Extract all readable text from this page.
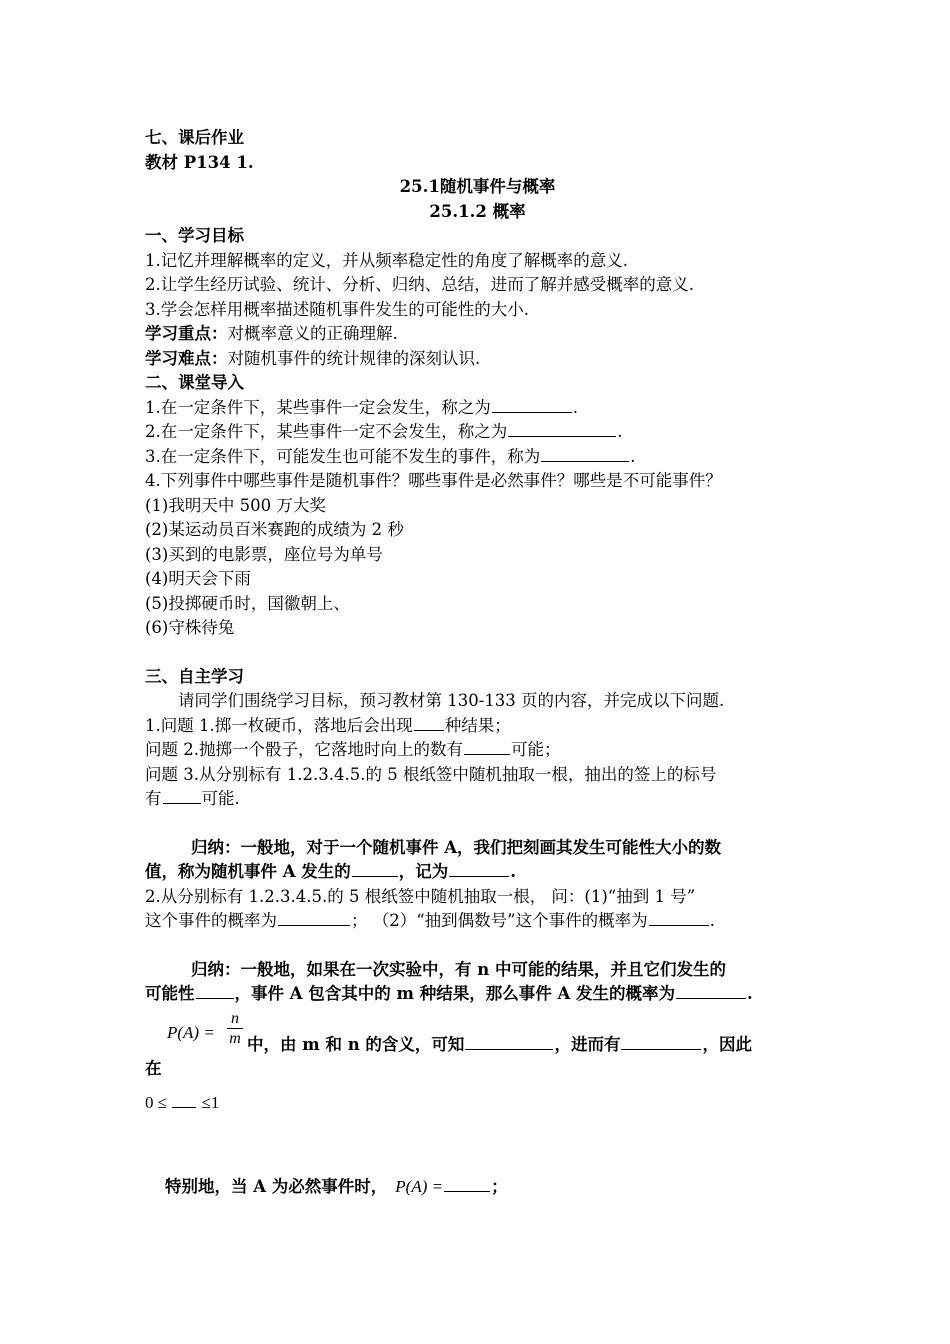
七、课后作业
教材 P134 1.
25.1随机事件与概率
25.1.2 概率
一、学习目标
1.记忆并理解概率的定义，并从频率稳定性的角度了解概率的意义.
2.让学生经历试验、统计、分析、归纳、总结，进而了解并感受概率的意义.
3.学会怎样用概率描述随机事件发生的可能性的大小.
学习重点：对概率意义的正确理解.
学习难点：对随机事件的统计规律的深刻认识.
二、课堂导入
1.在一定条件下，某些事件一定会发生，称之为	.
2.在一定条件下，某些事件一定不会发生，称之为	.
3.在一定条件下，可能发生也可能不发生的事件，称为	.
4.下列事件中哪些事件是随机事件？哪些事件是必然事件？哪些是不可能事件？
(1)我明天中 500 万大奖
(2)某运动员百米赛跑的成绩为 2 秒
(3)买到的电影票，座位号为单号
(4)明天会下雨
(5)投掷硬币时，国徽朝上、
(6)守株待兔
三、自主学习
请同学们围绕学习目标，预习教材第 130-133 页的内容，并完成以下问题.
1.问题 1.掷一枚硬币，落地后会出现 种结果；
问题 2.抛掷一个骰子，它落地时向上的数有	可能；
问题 3.从分别标有 1.2.3.4.5.的 5 根纸签中随机抽取一根，抽出的签上的标号
有 可能.
归纳：一般地，对于一个随机事件 A，我们把刻画其发生可能性大小的数
值，称为随机事件 A 发生的	，记为	.
2.从分别标有 1.2.3.4.5.的 5 根纸签中随机抽取一根， 问：(1)“抽到 1 号”
这个事件的概率为	； （2）“抽到偶数号”这个事件的概率为	.
归纳：一般地，如果在一次实验中，有 n 中可能的结果，并且它们发生的
可能性 ，事件 A 包含其中的 m 种结果，那么事件 A 发生的概率为	.
$P(A) = \frac{n}{m}$ 中，由 m 和 n 的含义，可知	，进而有	，因此
在
0 ≤ ≤1
特别地，当 A 为必然事件时， P(A) =	；
